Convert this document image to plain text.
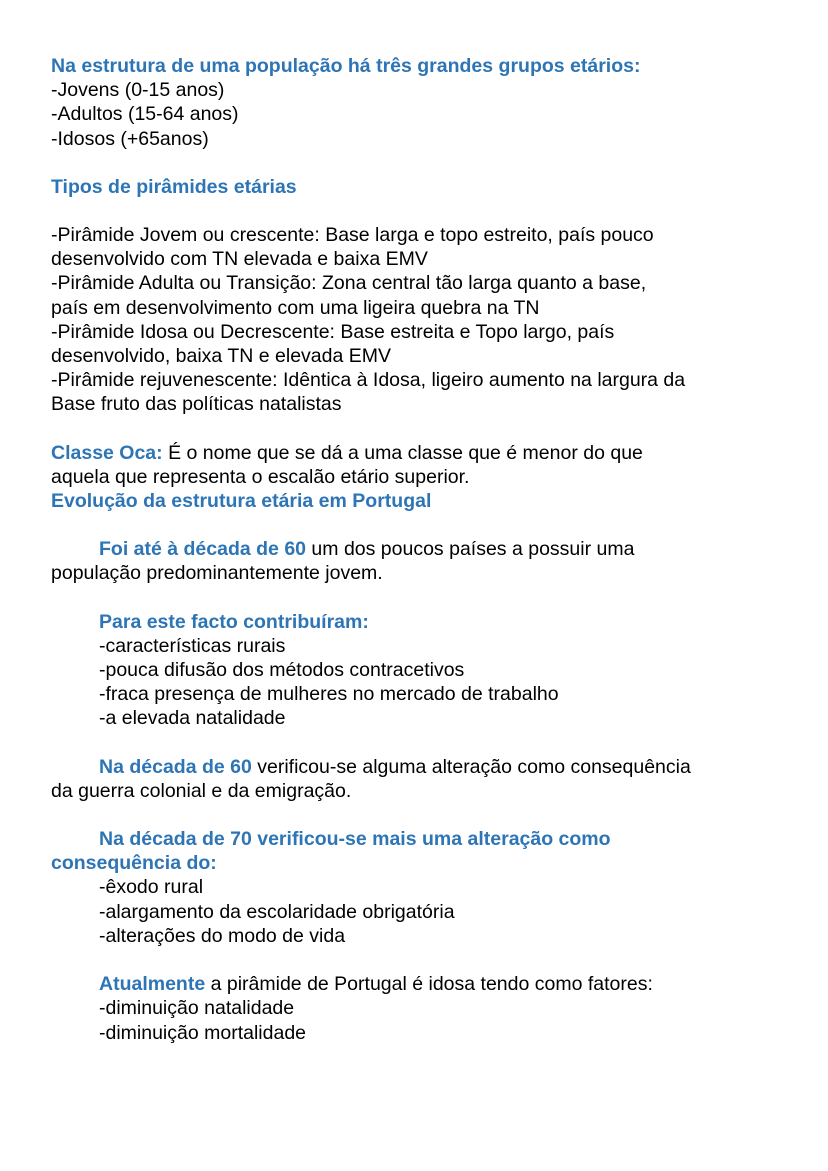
Na estrutura de uma população há três grandes grupos etários:
-Jovens (0-15 anos)
-Adultos (15-64 anos)
-Idosos (+65anos)
Tipos de pirâmides etárias
-Pirâmide Jovem ou crescente: Base larga e topo estreito, país pouco
desenvolvido com TN elevada e baixa EMV
-Pirâmide Adulta ou Transição: Zona central tão larga quanto a base,
país em desenvolvimento com uma ligeira quebra na TN
-Pirâmide Idosa ou Decrescente: Base estreita e Topo largo, país
desenvolvido, baixa TN e elevada EMV
-Pirâmide rejuvenescente: Idêntica à Idosa, ligeiro aumento na largura da
Base fruto das políticas natalistas
Classe Oca: É o nome que se dá a uma classe que é menor do que
aquela que representa o escalão etário superior.
Evolução da estrutura etária em Portugal
Foi até à década de 60 um dos poucos países a possuir uma
população predominantemente jovem.
Para este facto contribuíram:
-características rurais
-pouca difusão dos métodos contracetivos
-fraca presença de mulheres no mercado de trabalho
-a elevada natalidade
Na década de 60 verificou-se alguma alteração como consequência
da guerra colonial e da emigração.
Na década de 70 verificou-se mais uma alteração como
consequência do:
-êxodo rural
-alargamento da escolaridade obrigatória
-alterações do modo de vida
Atualmente a pirâmide de Portugal é idosa tendo como fatores:
-diminuição natalidade
-diminuição mortalidade
